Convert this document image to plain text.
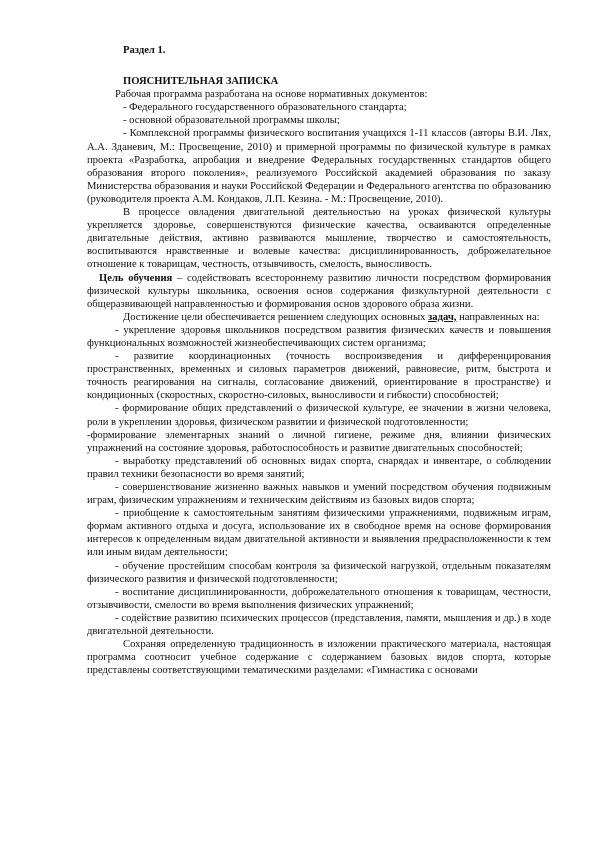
Раздел 1.
ПОЯСНИТЕЛЬНАЯ ЗАПИСКА

Рабочая программа разработана на основе нормативных документов:

- Федерального государственного образовательного стандарта;

- основной образовательной программы школы;

- Комплексной программы физического воспитания учащихся 1-11 классов (авторы В.И. Лях, А.А. Зданевич, М.: Просвещение, 2010) и примерной программы по физической культуре в рамках проекта «Разработка, апробация и внедрение Федеральных государственных стандартов общего образования второго поколения», реализуемого Российской академией образования по заказу Министерства образования и науки Российской Федерации и Федерального агентства по образованию (руководителя проекта А.М. Кондаков, Л.П. Кезина. - М.: Просвещение, 2010).

В процессе овладения двигательной деятельностью на уроках физической культуры укрепляется здоровье, совершенствуются физические качества, осваиваются определенные двигательные действия, активно развиваются мышление, творчество и самостоятельность, воспитываются нравственные и волевые качества: дисциплинированность, доброжелательное отношение к товарищам, честность, отзывчивость, смелость, выносливость.

Цель обучения – содействовать всестороннему развитию личности посредством формирования физической культуры школьника, освоения основ содержания физкультурной деятельности с общеразвивающей направленностью и формирования основ здорового образа жизни.

Достижение цели обеспечивается решением следующих основных задач, направленных на:

- укрепление здоровья школьников посредством развития физических качеств и повышения функциональных возможностей жизнеобеспечивающих систем организма;

- развитие координационных (точность воспроизведения и дифференцирования пространственных, временных и силовых параметров движений, равновесие, ритм, быстрота и точность реагирования на сигналы, согласование движений, ориентирование в пространстве) и кондиционных (скоростных, скоростно-силовых, выносливости и гибкости) способностей;

- формирование общих представлений о физической культуре, ее значении в жизни человека, роли в укреплении здоровья, физическом развитии и физической подготовленности;

-формирование элементарных знаний о личной гигиене, режиме дня, влиянии физических упражнений на состояние здоровья, работоспособность и развитие двигательных способностей;

- выработку представлений об основных видах спорта, снарядах и инвентаре, о соблюдении правил техники безопасности во время занятий;

- совершенствование жизненно важных навыков и умений посредством обучения подвижным играм, физическим упражнениям и техническим действиям из базовых видов спорта;

- приобщение к самостоятельным занятиям физическими упражнениями, подвижным играм, формам активного отдыха и досуга, использование их в свободное время на основе формирования интересов к определенным видам двигательной активности и выявления предрасположенности к тем или иным видам деятельности;

- обучение простейшим способам контроля за физической нагрузкой, отдельным показателям физического развития и физической подготовленности;

- воспитание дисциплинированности, доброжелательного отношения к товарищам, честности, отзывчивости, смелости во время выполнения физических упражнений;

- содействие развитию психических процессов (представления, памяти, мышления и др.) в ходе двигательной деятельности.

Сохраняя определенную традиционность в изложении практического материала, настоящая программа соотносит учебное содержание с содержанием базовых видов спорта, которые представлены соответствующими тематическими разделами: «Гимнастика с основами
